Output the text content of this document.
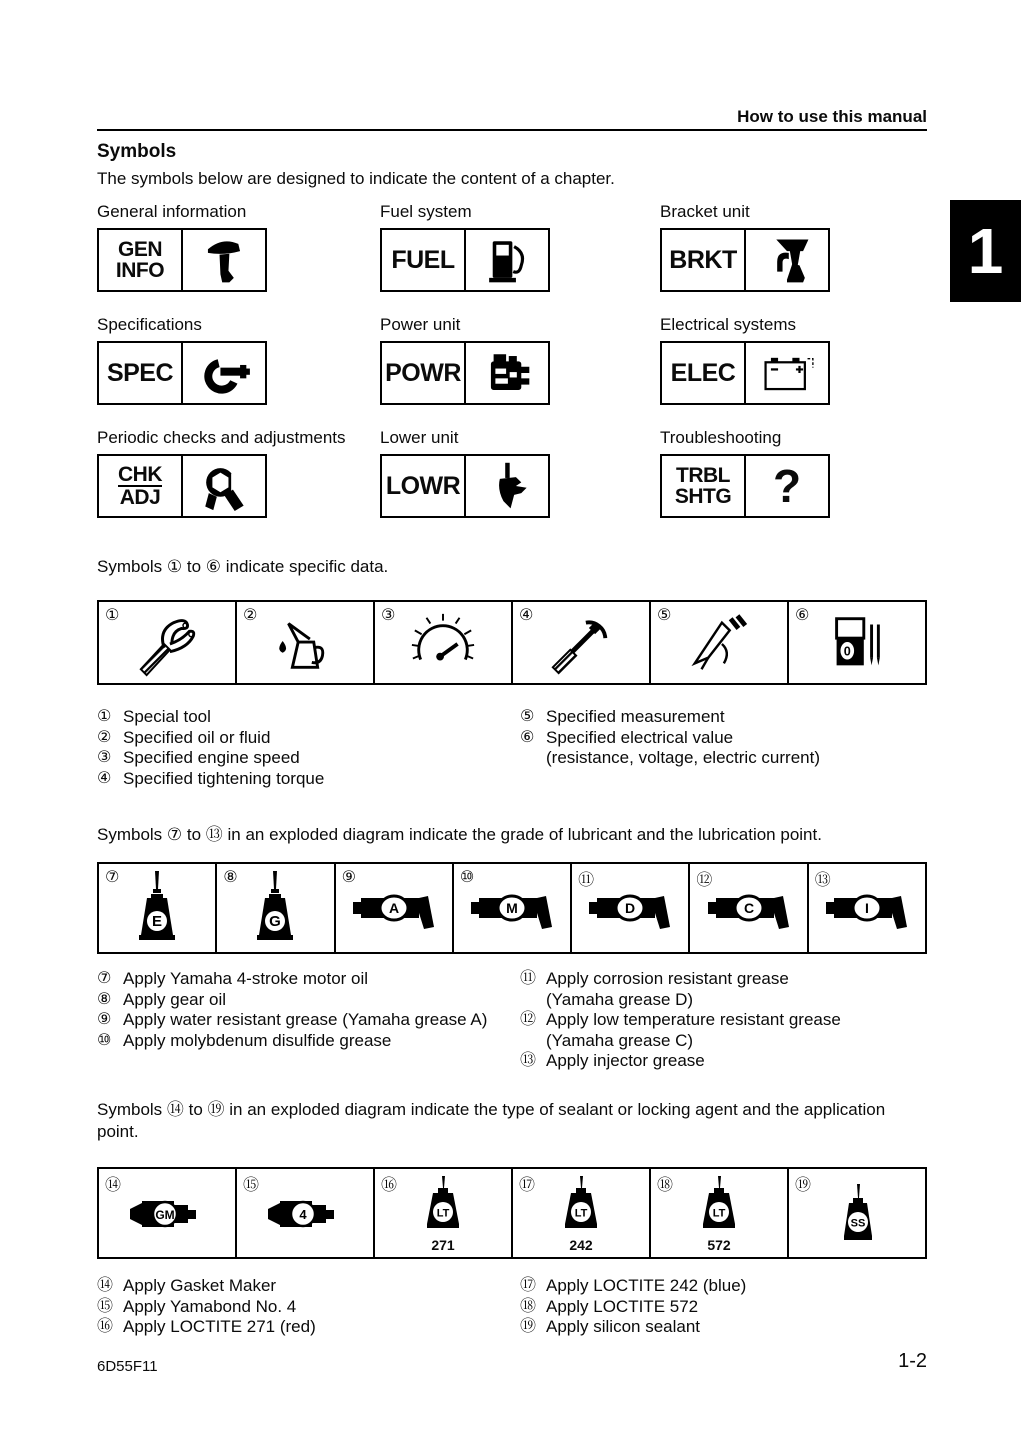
How to use this manual
Symbols
The symbols below are designed to indicate the content of a chapter.
General information
GEN
INFO
Fuel system
FUEL
Bracket unit
BRKT
Specifications
SPEC
Power unit
POWR
Electrical systems
ELEC
Periodic checks and adjustments
CHK
ADJ
Lower unit
LOWR
Troubleshooting
TRBL
SHTG ?
Symbols ① to ⑥ indicate specific data.
①	②	③	④	⑤	⑥
0
① Special tool
② Specified oil or fluid
③ Specified engine speed
④ Specified tightening torque
⑤ Specified measurement
⑥ Specified electrical value
(resistance, voltage, electric current)
Symbols ⑦ to ⑬ in an exploded diagram indicate the grade of lubricant and the lubrication point.
⑦
E
⑧
G
⑨
A
⑩
M
⑪
D
⑫
C
⑬
I
⑦ Apply Yamaha 4-stroke motor oil
⑧ Apply gear oil
⑨ Apply water resistant grease (Yamaha grease A)
⑩ Apply molybdenum disulfide grease
⑪ Apply corrosion resistant grease
(Yamaha grease D)
⑫ Apply low temperature resistant grease
(Yamaha grease C)
⑬ Apply injector grease
Symbols ⑭ to ⑲ in an exploded diagram indicate the type of sealant or locking agent and the application point.
⑭
GM
⑮
4
⑯
LT
271
⑰
LT
242
⑱
LT
572
⑲
SS
⑭ Apply Gasket Maker
⑮ Apply Yamabond No. 4
⑯ Apply LOCTITE 271 (red)
⑰ Apply LOCTITE 242 (blue)
⑱ Apply LOCTITE 572
⑲ Apply silicon sealant
6D55F11	1-2
1
